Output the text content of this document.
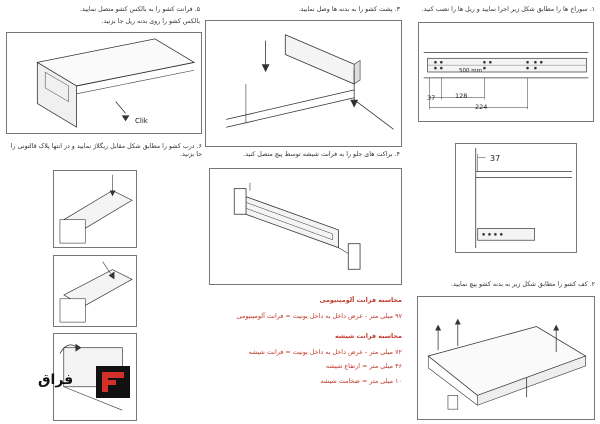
۱. سوراخ ها را مطابق شکل زیر اجرا نمایید و ریل ها را نصب کنید.
500 mm
37	128
224
37
۲. کف کشو را مطابق شکل زیر به بدنه کشو پیچ نمایید.
۳. پشت کشو را به بدنه ها وصل نمایید.
۴. براکت های جلو را به فرانت شیشه توسط پیچ متصل کنید.
محاسبه فرانت آلومینیومی
۹۷ میلی متر - عرض داخل به داخل یونیت = فرانت آلومینیومی
محاسبه فرانت شیشه
۷۲ میلی متر - عرض داخل به داخل یونیت = فرانت شیشه
۴۶ میلی متر = ارتفاع شیشه
۱۰ میلی متر = ضخامت شیشه
۵. فرانت کشو را به بالکس کشو متصل نمایید.
بالکس کشو را روی بدنه ریل جا بزنید.
Clik
۶. درب کشو را مطابق شکل مقابل ریگلاژ نمایید و در انتها پلاک قالتونی را جا بزنید.
فراق
